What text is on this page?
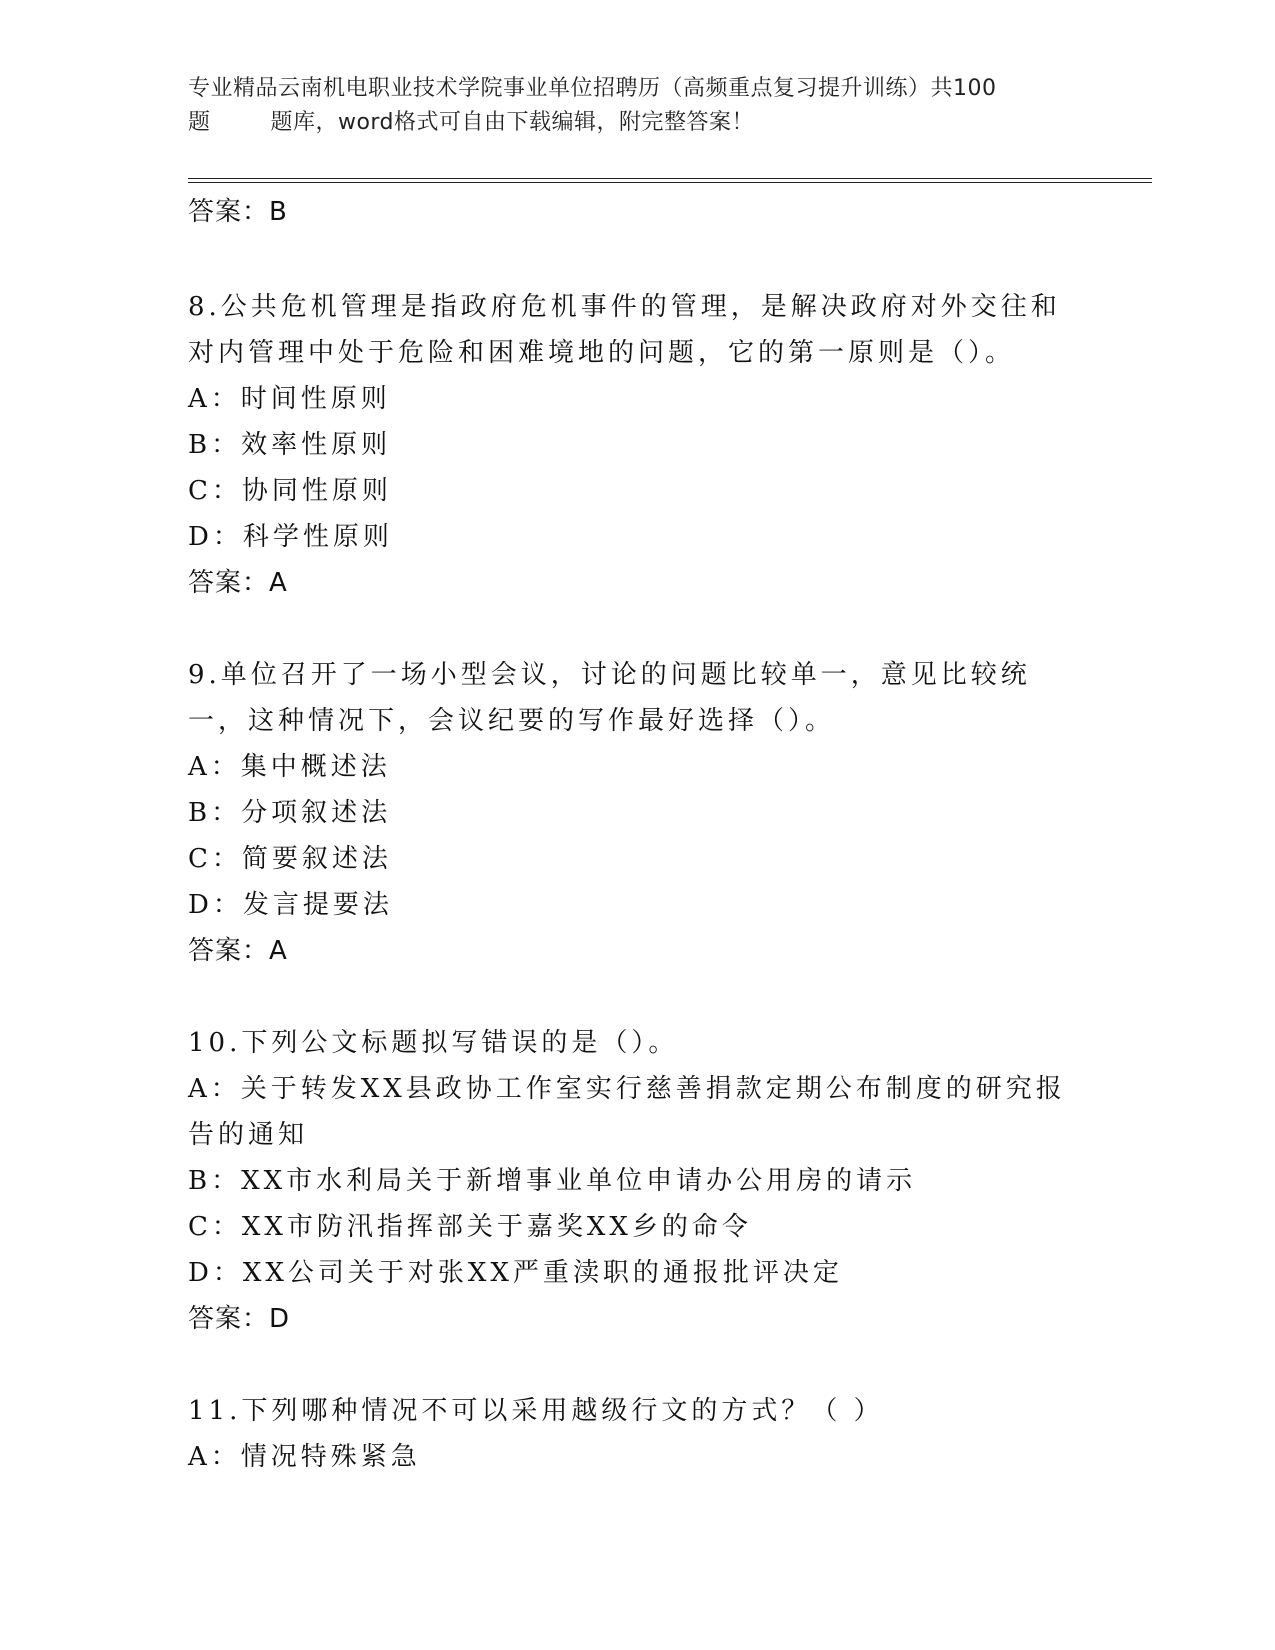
专业精品云南机电职业技术学院事业单位招聘历（高频重点复习提升训练）共100
题        题库，word格式可自由下载编辑，附完整答案！
答案：B
8.公共危机管理是指政府危机事件的管理，是解决政府对外交往和对内管理中处于危险和困难境地的问题，它的第一原则是（）。
A：时间性原则
B：效率性原则
C：协同性原则
D：科学性原则
答案：A
9.单位召开了一场小型会议，讨论的问题比较单一，意见比较统一，这种情况下，会议纪要的写作最好选择（）。
A：集中概述法
B：分项叙述法
C：简要叙述法
D：发言提要法
答案：A
10.下列公文标题拟写错误的是（）。
A：关于转发XX县政协工作室实行慈善捐款定期公布制度的研究报告的通知
B：XX市水利局关于新增事业单位申请办公用房的请示
C：XX市防汛指挥部关于嘉奖XX乡的命令
D：XX公司关于对张XX严重渎职的通报批评决定
答案：D
11.下列哪种情况不可以采用越级行文的方式？（ ）
A：情况特殊紧急
